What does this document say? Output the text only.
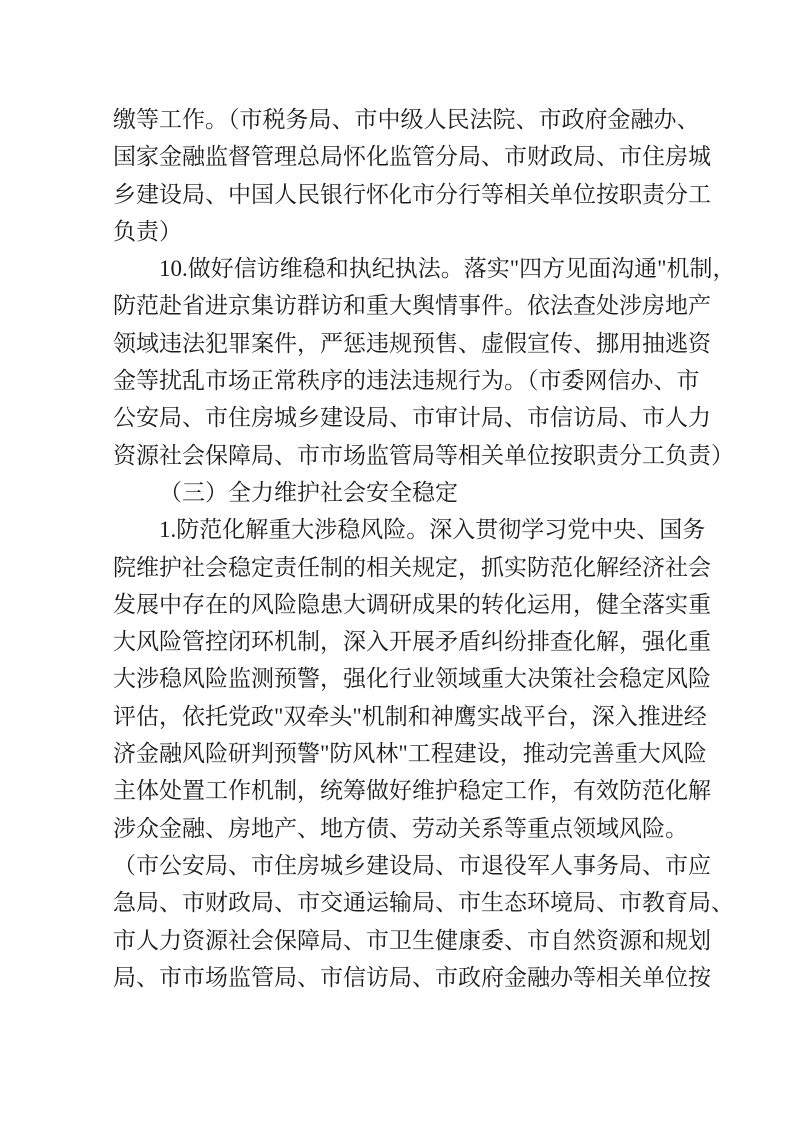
缴等工作。（市税务局、市中级人民法院、市政府金融办、
国家金融监督管理总局怀化监管分局、市财政局、市住房城
乡建设局、中国人民银行怀化市分行等相关单位按职责分工
负责）
10.做好信访维稳和执纪执法。落实"四方见面沟通"机制，
防范赴省进京集访群访和重大舆情事件。依法查处涉房地产
领域违法犯罪案件，严惩违规预售、虚假宣传、挪用抽逃资
金等扰乱市场正常秩序的违法违规行为。（市委网信办、市
公安局、市住房城乡建设局、市审计局、市信访局、市人力
资源社会保障局、市市场监管局等相关单位按职责分工负责）
（三）全力维护社会安全稳定
1.防范化解重大涉稳风险。深入贯彻学习党中央、国务
院维护社会稳定责任制的相关规定，抓实防范化解经济社会
发展中存在的风险隐患大调研成果的转化运用，健全落实重
大风险管控闭环机制，深入开展矛盾纠纷排查化解，强化重
大涉稳风险监测预警，强化行业领域重大决策社会稳定风险
评估，依托党政"双牵头"机制和神鹰实战平台，深入推进经
济金融风险研判预警"防风林"工程建设，推动完善重大风险
主体处置工作机制，统筹做好维护稳定工作，有效防范化解
涉众金融、房地产、地方债、劳动关系等重点领域风险。
（市公安局、市住房城乡建设局、市退役军人事务局、市应
急局、市财政局、市交通运输局、市生态环境局、市教育局、
市人力资源社会保障局、市卫生健康委、市自然资源和规划
局、市市场监管局、市信访局、市政府金融办等相关单位按
